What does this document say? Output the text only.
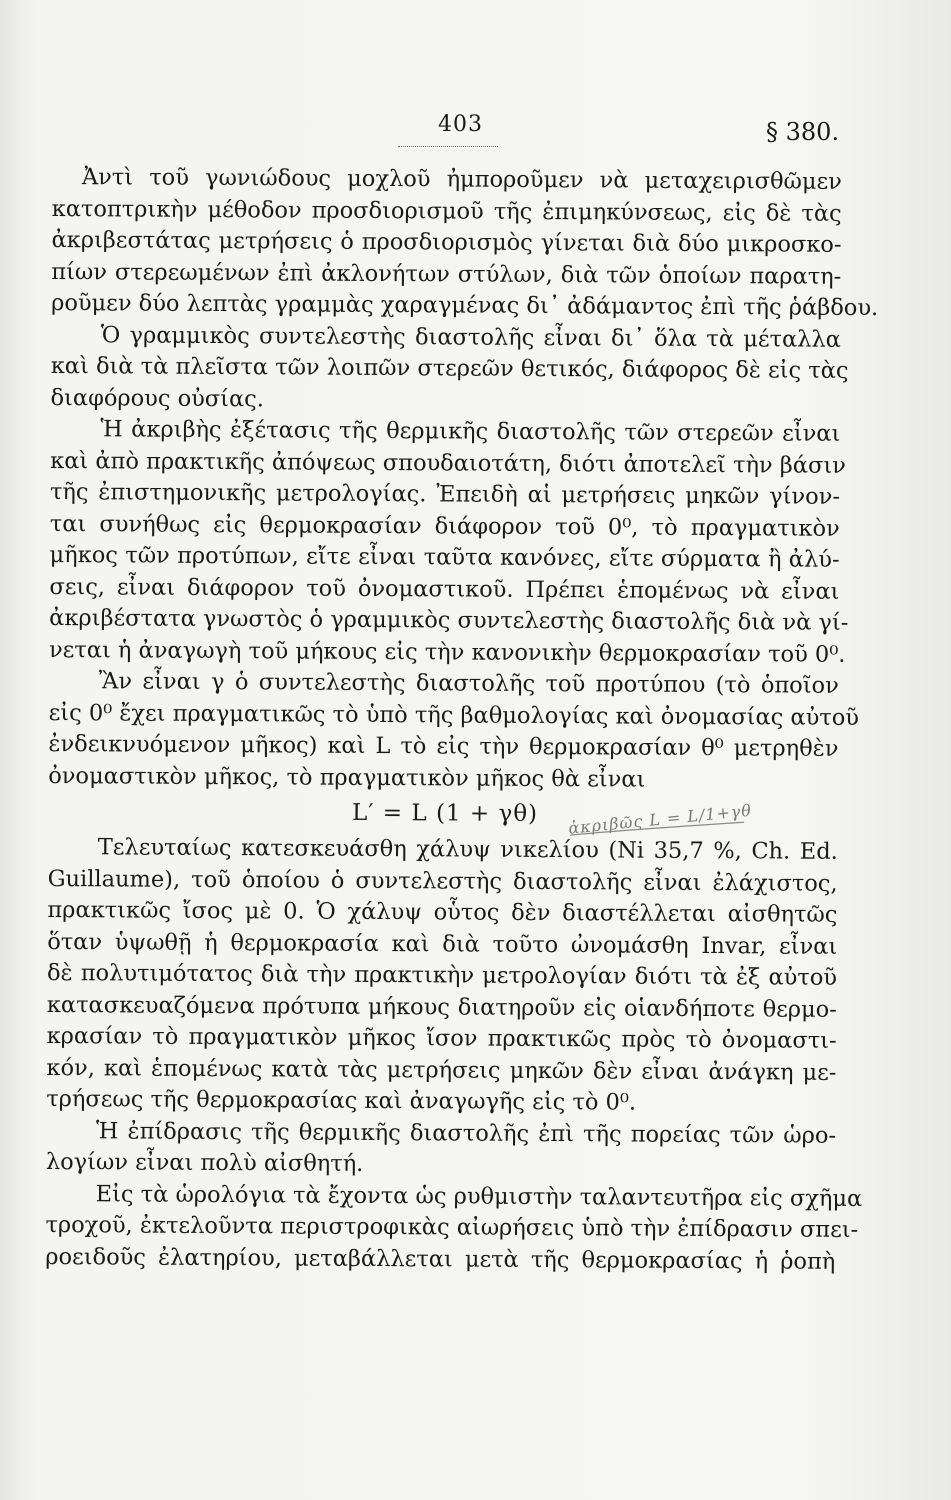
403	§ 380.
Ἀντὶ τοῦ γωνιώδους μοχλοῦ ἠμποροῦμεν νὰ μεταχειρισθῶμεν
κατοπτρικὴν μέθοδον προσδιορισμοῦ τῆς ἐπιμηκύνσεως, εἰς δὲ τὰς
ἀκριβεστάτας μετρήσεις ὁ προσδιορισμὸς γίνεται διὰ δύο μικροσκο-
πίων στερεωμένων ἐπὶ ἀκλονήτων στύλων, διὰ τῶν ὁποίων παρατη-
ροῦμεν δύο λεπτὰς γραμμὰς χαραγμένας δι᾽ ἀδάμαντος ἐπὶ τῆς ῥάβδου.
Ὁ γραμμικὸς συντελεστὴς διαστολῆς εἶναι δι᾽ ὅλα τὰ μέταλλα
καὶ διὰ τὰ πλεῖστα τῶν λοιπῶν στερεῶν θετικός, διάφορος δὲ εἰς τὰς
διαφόρους οὐσίας.
Ἡ ἀκριβὴς ἐξέτασις τῆς θερμικῆς διαστολῆς τῶν στερεῶν εἶναι
καὶ ἀπὸ πρακτικῆς ἀπόψεως σπουδαιοτάτη, διότι ἀποτελεῖ τὴν βάσιν
τῆς ἐπιστημονικῆς μετρολογίας. Ἐπειδὴ αἱ μετρήσεις μηκῶν γίνον-
ται συνήθως εἰς θερμοκρασίαν διάφορον τοῦ 0⁰, τὸ πραγματικὸν
μῆκος τῶν προτύπων, εἴτε εἶναι ταῦτα κανόνες, εἴτε σύρματα ἢ ἀλύ-
σεις, εἶναι διάφορον τοῦ ὀνομαστικοῦ. Πρέπει ἑπομένως νὰ εἶναι
ἀκριβέστατα γνωστὸς ὁ γραμμικὸς συντελεστὴς διαστολῆς διὰ νὰ γί-
νεται ἡ ἀναγωγὴ τοῦ μήκους εἰς τὴν κανονικὴν θερμοκρασίαν τοῦ 0⁰.
Ἂν εἶναι γ ὁ συντελεστὴς διαστολῆς τοῦ προτύπου (τὸ ὁποῖον
εἰς 0⁰ ἔχει πραγματικῶς τὸ ὑπὸ τῆς βαθμολογίας καὶ ὀνομασίας αὐτοῦ
ἐνδεικνυόμενον μῆκος) καὶ L τὸ εἰς τὴν θερμοκρασίαν θ⁰ μετρηθὲν
ὀνομαστικὸν μῆκος, τὸ πραγματικὸν μῆκος θὰ εἶναι
L′ = L (1 + γθ) ἀκριβῶς L = L/1+γθ
Τελευταίως κατεσκευάσθη χάλυψ νικελίου (Ni 35,7 %, Ch. Ed.
Guillaume), τοῦ ὁποίου ὁ συντελεστὴς διαστολῆς εἶναι ἐλάχιστος,
πρακτικῶς ἴσος μὲ 0. Ὁ χάλυψ οὗτος δὲν διαστέλλεται αἰσθητῶς
ὅταν ὑψωθῇ ἡ θερμοκρασία καὶ διὰ τοῦτο ὠνομάσθη Invar, εἶναι
δὲ πολυτιμότατος διὰ τὴν πρακτικὴν μετρολογίαν διότι τὰ ἐξ αὐτοῦ
κατασκευαζόμενα πρότυπα μήκους διατηροῦν εἰς οἱανδήποτε θερμο-
κρασίαν τὸ πραγματικὸν μῆκος ἴσον πρακτικῶς πρὸς τὸ ὀνομαστι-
κόν, καὶ ἑπομένως κατὰ τὰς μετρήσεις μηκῶν δὲν εἶναι ἀνάγκη με-
τρήσεως τῆς θερμοκρασίας καὶ ἀναγωγῆς εἰς τὸ 0⁰.
Ἡ ἐπίδρασις τῆς θερμικῆς διαστολῆς ἐπὶ τῆς πορείας τῶν ὡρο-
λογίων εἶναι πολὺ αἰσθητή.
Εἰς τὰ ὡρολόγια τὰ ἔχοντα ὡς ρυθμιστὴν ταλαντευτῆρα εἰς σχῆμα
τροχοῦ, ἐκτελοῦντα περιστροφικὰς αἰωρήσεις ὑπὸ τὴν ἐπίδρασιν σπει-
ροειδοῦς ἐλατηρίου, μεταβάλλεται μετὰ τῆς θερμοκρασίας ἡ ῥοπὴ
